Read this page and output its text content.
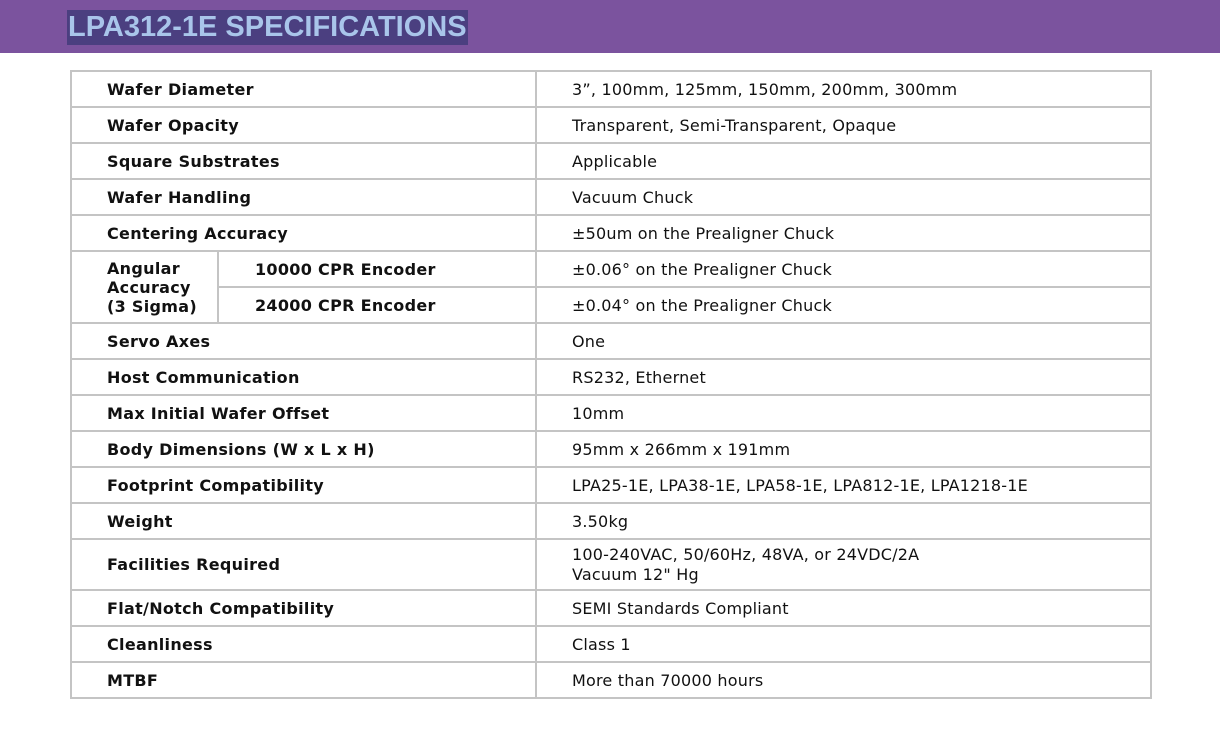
LPA312-1E SPECIFICATIONS
Wafer Diameter		3”, 100mm, 125mm, 150mm, 200mm, 300mm
Wafer Opacity		Transparent, Semi-Transparent, Opaque
Square Substrates		Applicable
Wafer Handling		Vacuum Chuck
Centering Accuracy		±50um on the Prealigner Chuck

Angular
Accuracy
(3 Sigma)	10000 CPR Encoder	±0.06° on the Prealigner Chuck
	24000 CPR Encoder	±0.04° on the Prealigner Chuck
Servo Axes		One
Host Communication		RS232, Ethernet
Max Initial Wafer Offset		10mm
Body Dimensions (W x L x H)		95mm x 266mm x 191mm
Footprint Compatibility		LPA25-1E, LPA38-1E, LPA58-1E, LPA812-1E, LPA1218-1E
Weight		3.50kg
Facilities Required		100-240VAC, 50/60Hz, 48VA, or 24VDC/2A
Vacuum 12" Hg

Flat/Notch Compatibility		SEMI Standards Compliant
Cleanliness		Class 1
MTBF		More than 70000 hours
